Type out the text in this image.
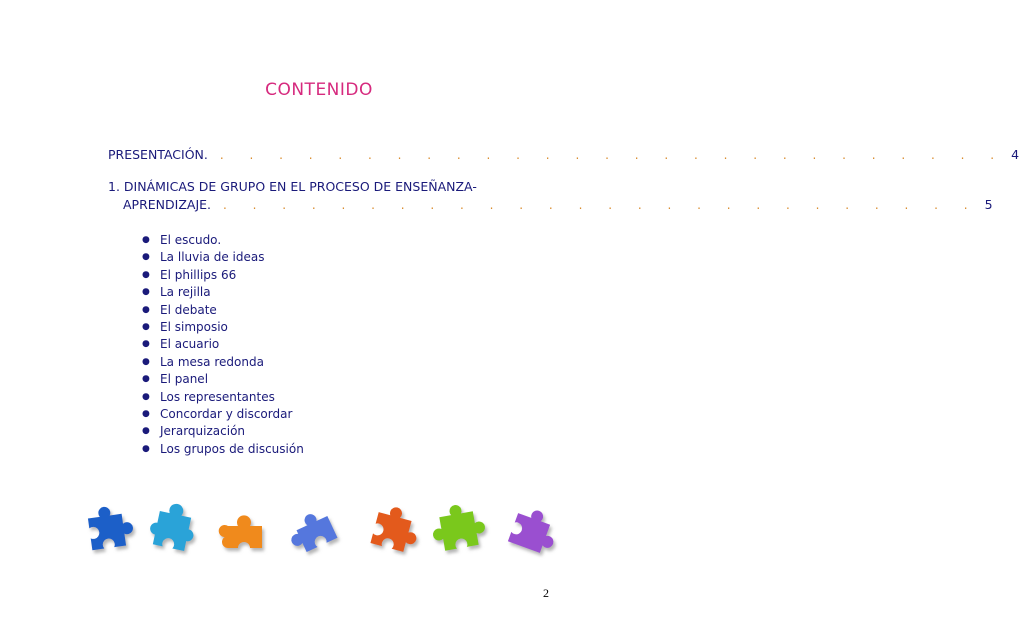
CONTENIDO
PRESENTACIÓN.	. . . . . . . . . . . . . . . . . . . . . . . . . . . 4
1. DINÁMICAS DE GRUPO EN EL PROCESO DE ENSEÑANZA-
APRENDIZAJE.	. . . . . . . . . . . . . . . . . . . . . . . . . . 5
● El escudo.
● La lluvia de ideas
● El phillips 66
● La rejilla
● El debate
● El simposio
● El acuario
● La mesa redonda
● El panel
● Los representantes
● Concordar y discordar
● Jerarquización
● Los grupos de discusión
2
